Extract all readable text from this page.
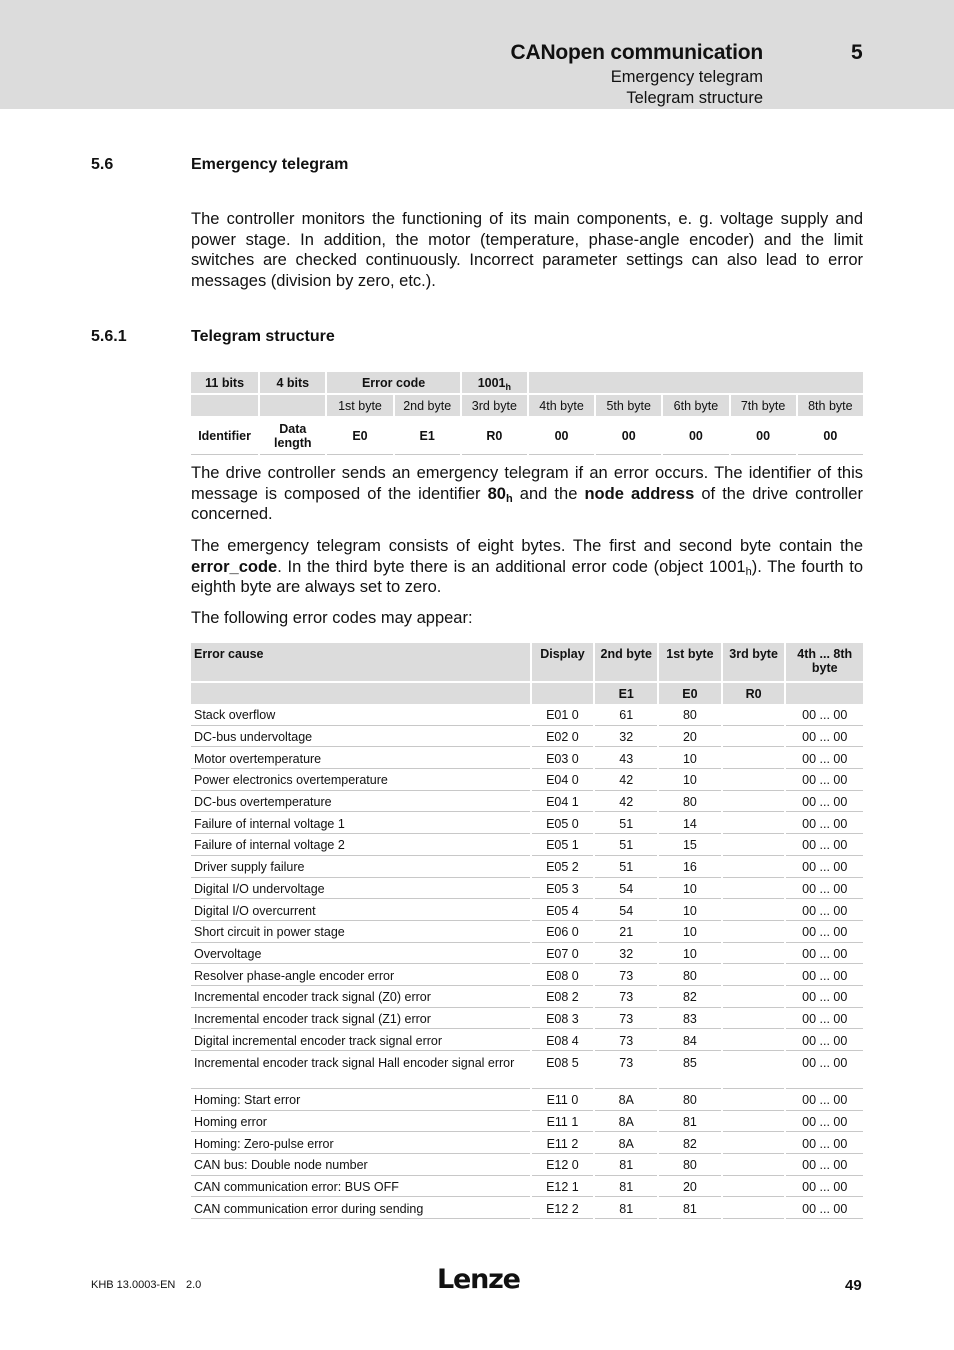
CANopen communication	5
Emergency telegram
Telegram structure
5.6	Emergency telegram
The controller monitors the functioning of its main components, e. g. voltage supply and power stage. In addition, the motor (temperature, phase-angle encoder) and the limit switches are checked continuously. Incorrect parameter settings can also lead to error messages (division by zero, etc.).
5.6.1	Telegram structure
11 bits	4 bits	Error code		$1001_h$	
		1st byte	2nd byte	3rd byte	4th byte	5th byte	6th byte	7th byte	8th byte
Identifier	Data length	E0	E1	R0	00	00	00	00	00
The drive controller sends an emergency telegram if an error occurs. The identifier of this message is composed of the identifier $80_h$ and the node address of the drive controller concerned.
The emergency telegram consists of eight bytes. The first and second byte contain the error_code. In the third byte there is an additional error code (object $1001_h$). The fourth to eighth byte are always set to zero.
The following error codes may appear:
Error cause	Display	2nd byte	1st byte	3rd byte	4th ... 8th byte
		E1	E0	R0	
Stack overflow	E01 0	61	80		00 ... 00
DC-bus undervoltage	E02 0	32	20		00 ... 00
Motor overtemperature	E03 0	43	10		00 ... 00
Power electronics overtemperature	E04 0	42	10		00 ... 00
DC-bus overtemperature	E04 1	42	80		00 ... 00
Failure of internal voltage 1	E05 0	51	14		00 ... 00
Failure of internal voltage 2	E05 1	51	15		00 ... 00
Driver supply failure	E05 2	51	16		00 ... 00
Digital I/O undervoltage	E05 3	54	10		00 ... 00
Digital I/O overcurrent	E05 4	54	10		00 ... 00
Short circuit in power stage	E06 0	21	10		00 ... 00
Overvoltage	E07 0	32	10		00 ... 00
Resolver phase-angle encoder error	E08 0	73	80		00 ... 00
Incremental encoder track signal (Z0) error	E08 2	73	82		00 ... 00
Incremental encoder track signal (Z1) error	E08 3	73	83		00 ... 00
Digital incremental encoder track signal error	E08 4	73	84		00 ... 00
Incremental encoder track signal Hall encoder signal error	E08 5	73	85		00 ... 00
Homing: Start error	E11 0	8A	80		00 ... 00
Homing error	E11 1	8A	81		00 ... 00
Homing: Zero-pulse error	E11 2	8A	82		00 ... 00
CAN bus: Double node number	E12 0	81	80		00 ... 00
CAN communication error: BUS OFF	E12 1	81	20		00 ... 00
CAN communication error during sending	E12 2	81	81		00 ... 00
KHB 13.0003-EN 2.0	Lenze	49
